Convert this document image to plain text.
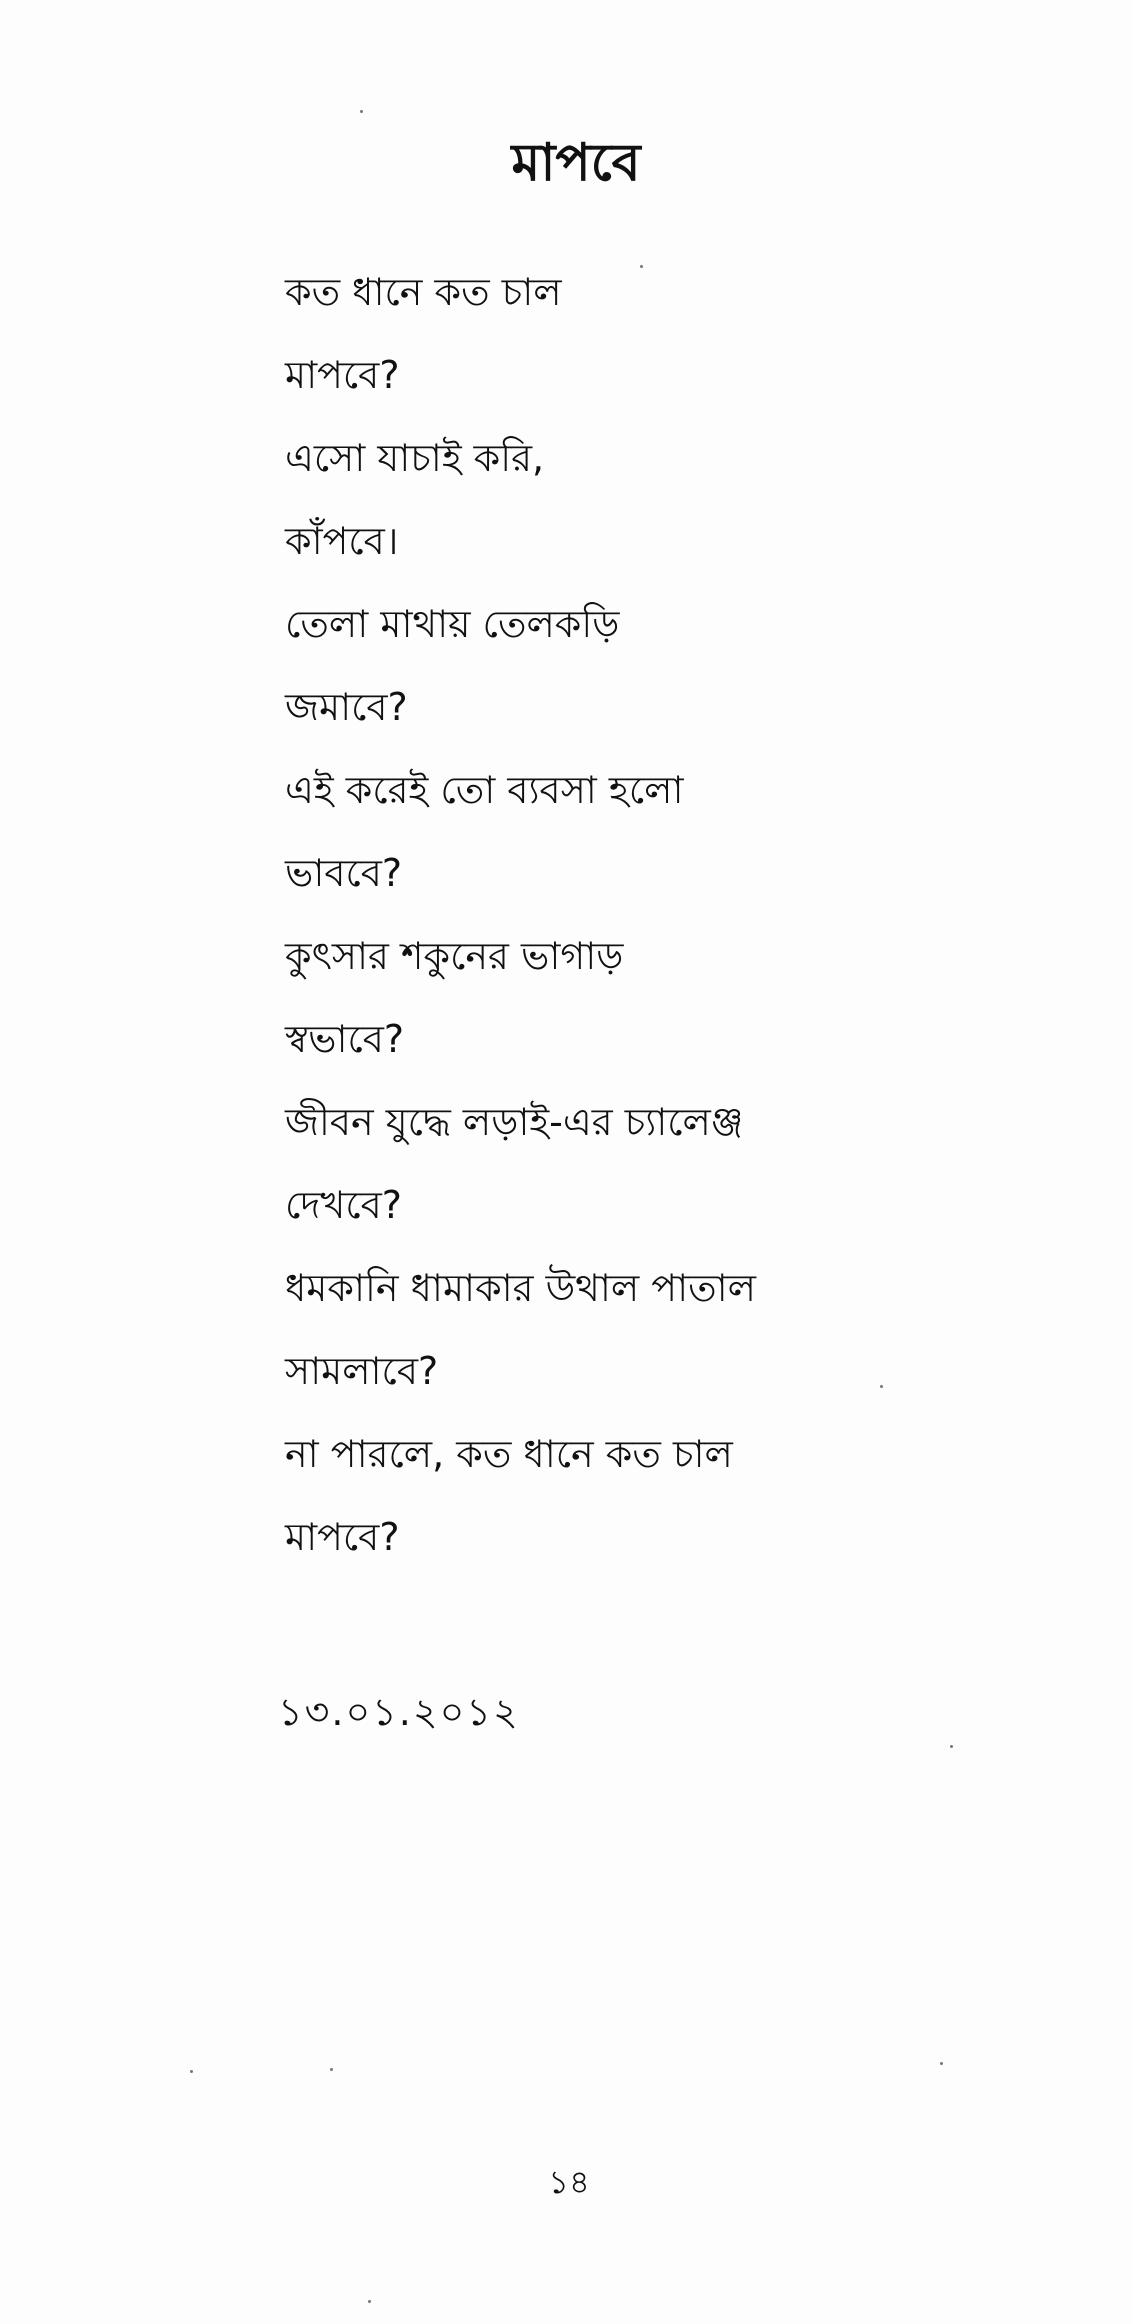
মাপবে
কত ধানে কত চাল
মাপবে?
এসো যাচাই করি,
কাঁপবে।
তেলা মাথায় তেলকড়ি
জমাবে?
এই করেই তো ব্যবসা হলো
ভাববে?
কুৎসার শকুনের ভাগাড়
স্বভাবে?
জীবন যুদ্ধে লড়াই-এর চ্যালেঞ্জ
দেখবে?
ধমকানি ধামাকার উথাল পাতাল
সামলাবে?
না পারলে, কত ধানে কত চাল
মাপবে?
১৩.০১.২০১২
১৪
